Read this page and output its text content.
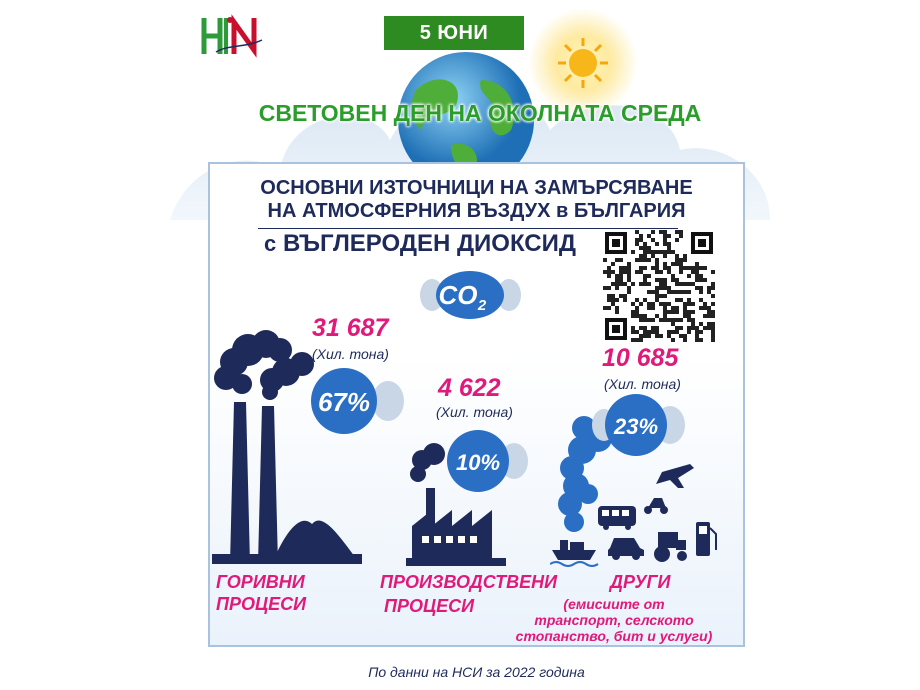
5 ЮНИ
СВЕТОВЕН ДЕН НА ОКОЛНАТА СРЕДА
ОСНОВНИ ИЗТОЧНИЦИ НА ЗАМЪРСЯВАНЕ
НА АТМОСФЕРНИЯ ВЪЗДУХ в БЪЛГАРИЯ
с ВЪГЛЕРОДЕН ДИОКСИД
CO 2
67%
31 687
(Хил. тона)
ГОРИВНИ
ПРОЦЕСИ
10%
4 622
(Хил. тона)
ПРОИЗВОДСТВЕНИ
ПРОЦЕСИ
23%
10 685
(Хил. тона)
ДРУГИ
(емисиите от
транспорт, селското
стопанство, бит и услуги)
По данни на НСИ за 2022 година
